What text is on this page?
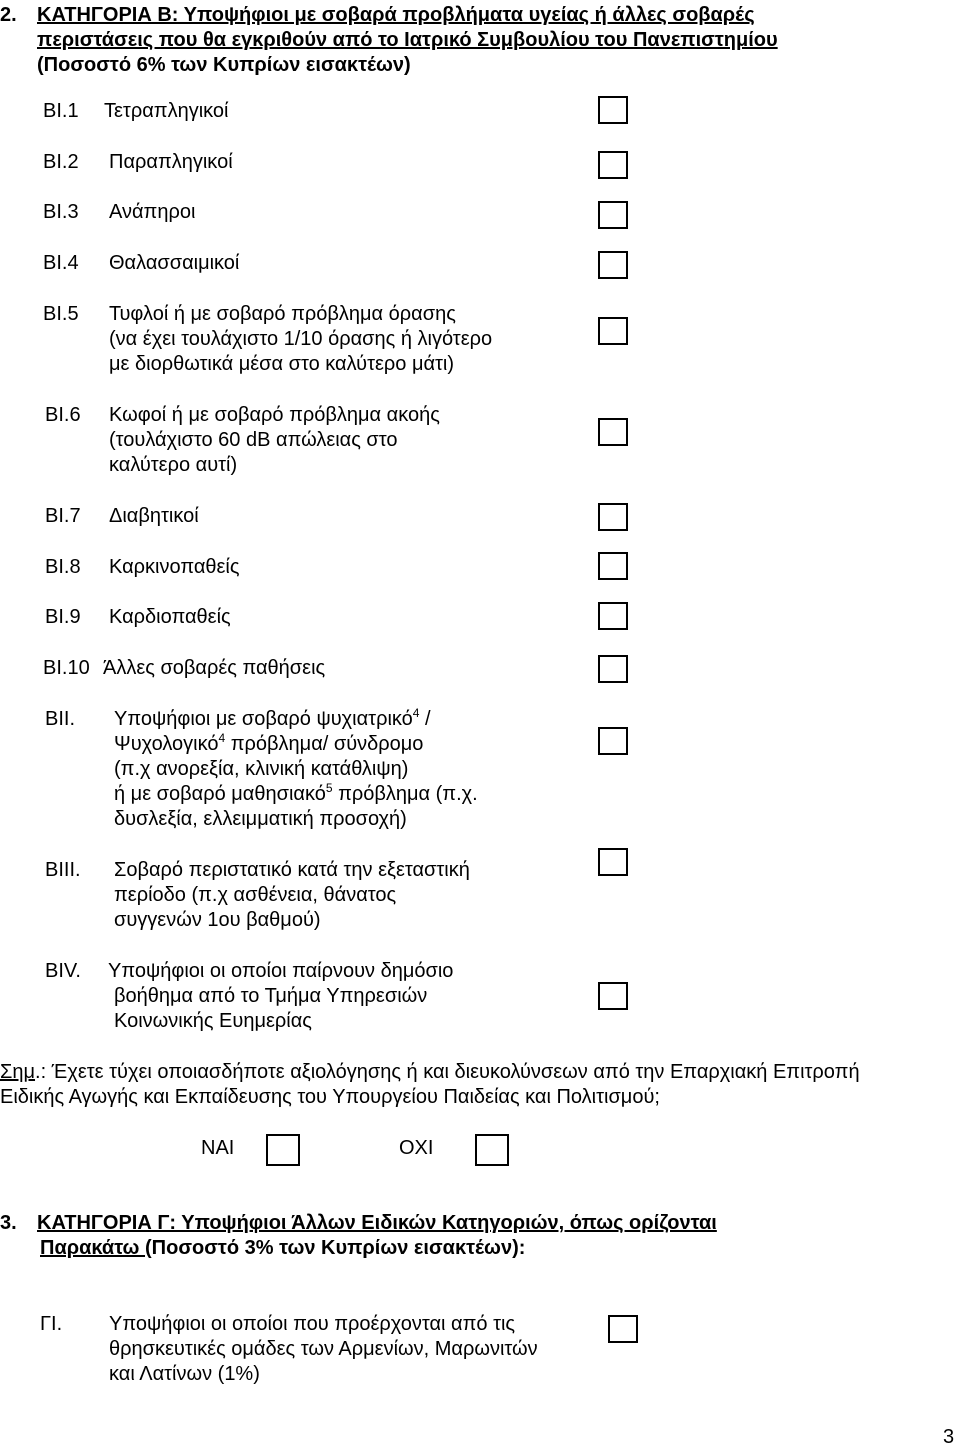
2. ΚΑΤΗΓΟΡΙΑ Β: Υποψήφιοι με σοβαρά προβλήματα υγείας ή άλλες σοβαρές
περιστάσεις που θα εγκριθούν από το Ιατρικό Συμβουλίου του Πανεπιστημίου
(Ποσοστό 6% των Κυπρίων εισακτέων)
ΒΙ.1 Τετραπληγικοί
ΒΙ.2 Παραπληγικοί
ΒΙ.3 Ανάπηροι
ΒΙ.4 Θαλασσαιμικοί
ΒΙ.5 Τυφλοί ή με σοβαρό πρόβλημα όρασης
(να έχει τουλάχιστο 1/10 όρασης ή λιγότερο
με διορθωτικά μέσα στο καλύτερο μάτι)
ΒΙ.6 Κωφοί ή με σοβαρό πρόβλημα ακοής
(τουλάχιστο 60 dB απώλειας στο
καλύτερο αυτί)
ΒΙ.7 Διαβητικοί
ΒΙ.8 Καρκινοπαθείς
ΒΙ.9 Καρδιοπαθείς
ΒΙ.10 Άλλες σοβαρές παθήσεις
ΒΙΙ. Υποψήφιοι με σοβαρό ψυχιατρικό$^4$ /
Ψυχολογικό$^4$ πρόβλημα/ σύνδρομο
(π.χ ανορεξία, κλινική κατάθλιψη)
ή με σοβαρό μαθησιακό$^5$ πρόβλημα (π.χ.
δυσλεξία, ελλειμματική προσοχή)
ΒΙΙΙ. Σοβαρό περιστατικό κατά την εξεταστική
περίοδο (π.χ ασθένεια, θάνατος
συγγενών 1ου βαθμού)
ΒΙV. Υποψήφιοι οι οποίοι παίρνουν δημόσιο
βοήθημα από το Τμήμα Υπηρεσιών
Κοινωνικής Ευημερίας
Σημ.: Έχετε τύχει οποιασδήποτε αξιολόγησης ή και διευκολύνσεων από την Επαρχιακή Επιτροπή
Ειδικής Αγωγής και Εκπαίδευσης του Υπουργείου Παιδείας και Πολιτισμού;
ΝΑΙ	ΟΧΙ
3. ΚΑΤΗΓΟΡΙΑ Γ: Υποψήφιοι Άλλων Ειδικών Κατηγοριών, όπως ορίζονται
Παρακάτω (Ποσοστό 3% των Κυπρίων εισακτέων):
ΓΙ. Υποψήφιοι οι οποίοι που προέρχονται από τις
θρησκευτικές ομάδες των Αρμενίων, Μαρωνιτών
και Λατίνων (1%)
3
